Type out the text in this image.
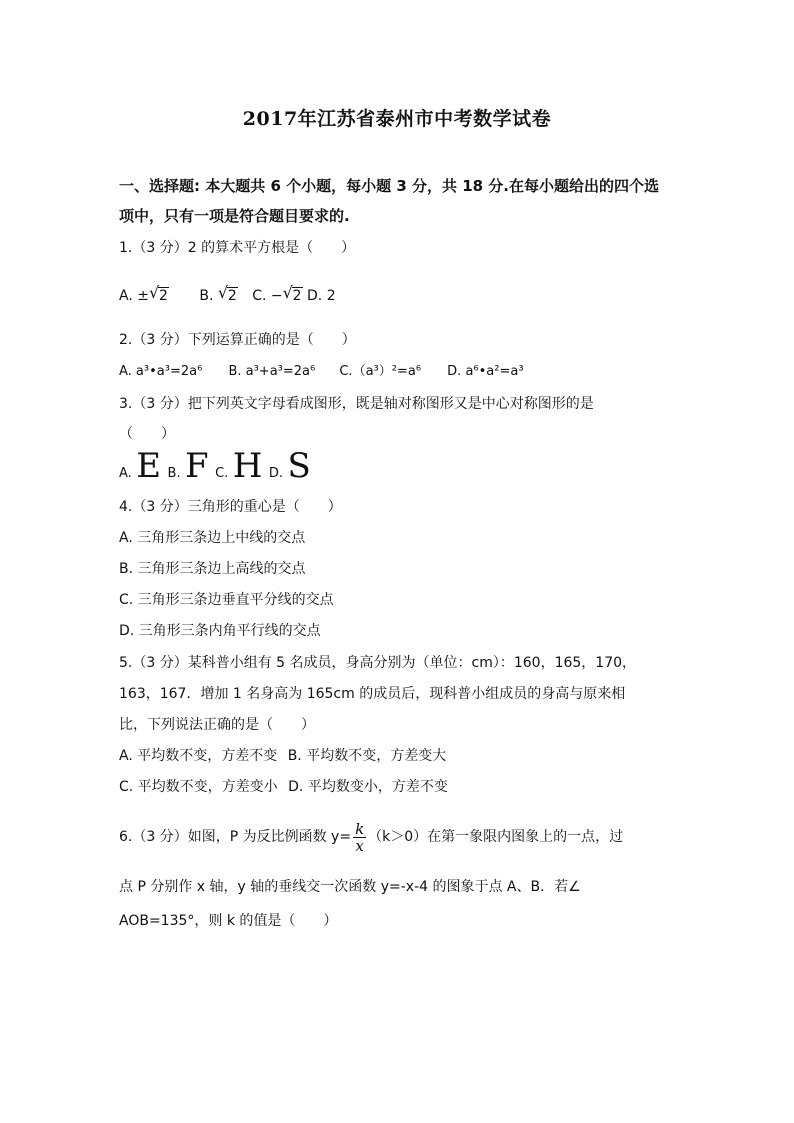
2017年江苏省泰州市中考数学试卷
一、选择题: 本大题共 6 个小题，每小题 3 分，共 18 分.在每小题给出的四个选
项中，只有一项是符合题目要求的.
1.（3 分）2 的算术平方根是（　　）
A. ± √ 2 B. √ 2 C. − √ 2 D. 2
2.（3 分）下列运算正确的是（　　）
A. a³•a³=2a⁶ B. a³+a³=2a⁶ C.（a³）²=a⁶ D. a⁶•a²=a³
3.（3 分）把下列英文字母看成图形，既是轴对称图形又是中心对称图形的是
（　　）
A. E B. F C. H D. S
4.（3 分）三角形的重心是（　　）
A. 三角形三条边上中线的交点
B. 三角形三条边上高线的交点
C. 三角形三条边垂直平分线的交点
D. 三角形三条内角平行线的交点
5.（3 分）某科普小组有 5 名成员，身高分别为（单位：cm）：160，165，170，
163，167．增加 1 名身高为 165cm 的成员后，现科普小组成员的身高与原来相
比，下列说法正确的是（　　）
A. 平均数不变，方差不变 B. 平均数不变，方差变大
C. 平均数不变，方差变小 D. 平均数变小，方差不变
6.（3 分）如图，P 为反比例函数 $y= \frac{k}{x} (k>0)$在第一象限内图象上的一点，过
点 P 分别作 x 轴，y 轴的垂线交一次函数 y=-x-4 的图象于点 A、B．若∠
AOB=135°，则 k 的值是（　　）
